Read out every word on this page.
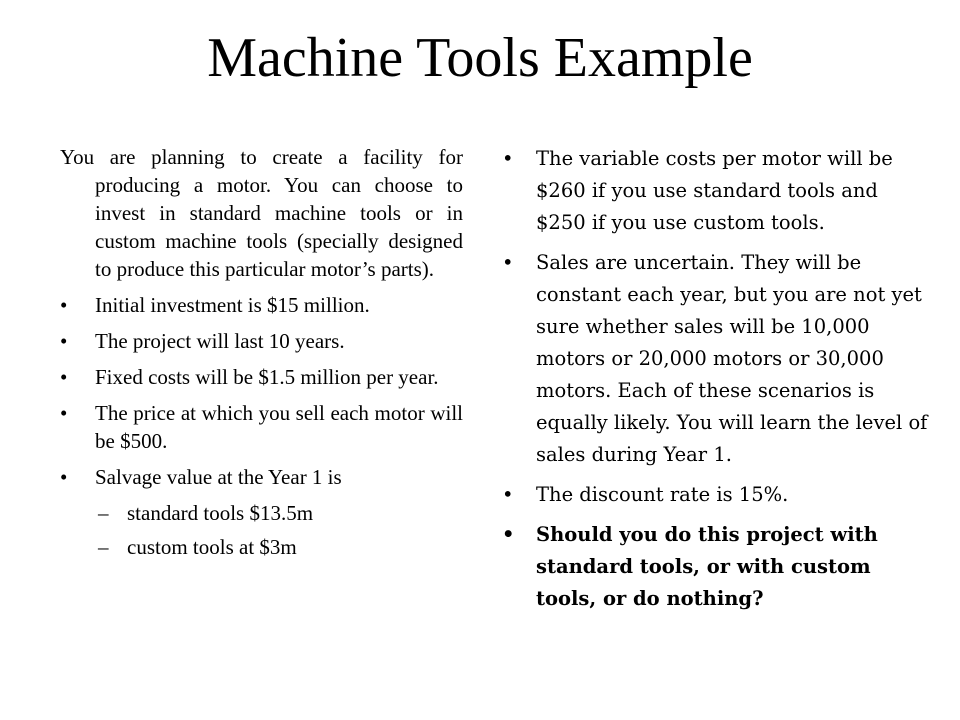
Machine Tools Example
You are planning to create a facility for producing a motor. You can choose to invest in standard machine tools or in custom machine tools (specially designed to produce this particular motor’s parts).
•	Initial investment is $15 million.
•	The project will last 10 years.
•	Fixed costs will be $1.5 million per year.
•	The price at which you sell each motor will be $500.
•	Salvage value at the Year 1 is
– standard tools $13.5m
– custom tools at $3m
•	The variable costs per motor will be $260 if you use standard tools and $250 if you use custom tools.
•	Sales are uncertain. They will be constant each year, but you are not yet sure whether sales will be 10,000 motors or 20,000 motors or 30,000 motors. Each of these scenarios is equally likely. You will learn the level of sales during Year 1.
•	The discount rate is 15%.
•	Should you do this project with standard tools, or with custom tools, or do nothing?
